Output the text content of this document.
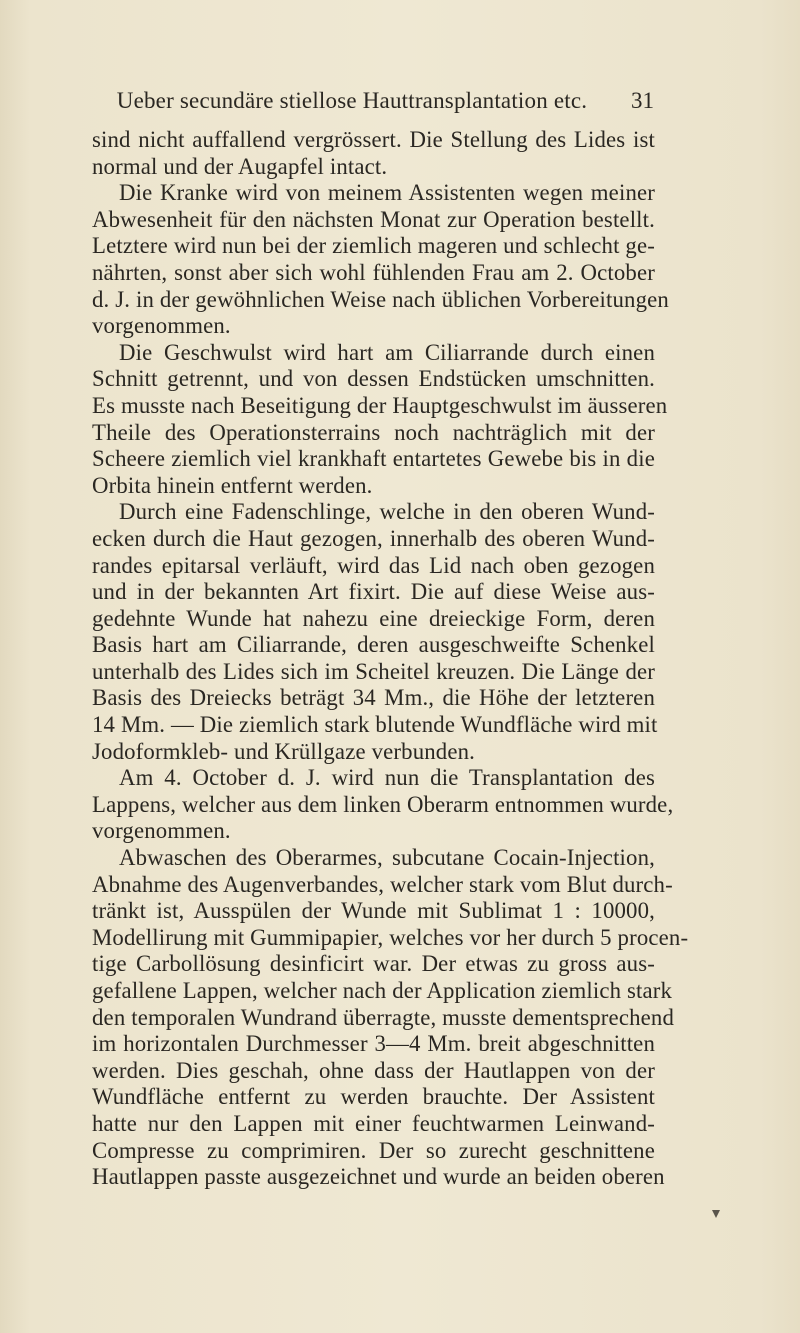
Ueber secundäre stiellose Hauttransplantation etc.	31
sind nicht auffallend vergrössert. Die Stellung des Lides ist
normal und der Augapfel intact.
Die Kranke wird von meinem Assistenten wegen meiner
Abwesenheit für den nächsten Monat zur Operation bestellt.
Letztere wird nun bei der ziemlich mageren und schlecht ge-
nährten, sonst aber sich wohl fühlenden Frau am 2. October
d. J. in der gewöhnlichen Weise nach üblichen Vorbereitungen
vorgenommen.
Die Geschwulst wird hart am Ciliarrande durch einen
Schnitt getrennt, und von dessen Endstücken umschnitten.
Es musste nach Beseitigung der Hauptgeschwulst im äusseren
Theile des Operationsterrains noch nachträglich mit der
Scheere ziemlich viel krankhaft entartetes Gewebe bis in die
Orbita hinein entfernt werden.
Durch eine Fadenschlinge, welche in den oberen Wund-
ecken durch die Haut gezogen, innerhalb des oberen Wund-
randes epitarsal verläuft, wird das Lid nach oben gezogen
und in der bekannten Art fixirt. Die auf diese Weise aus-
gedehnte Wunde hat nahezu eine dreieckige Form, deren
Basis hart am Ciliarrande, deren ausgeschweifte Schenkel
unterhalb des Lides sich im Scheitel kreuzen. Die Länge der
Basis des Dreiecks beträgt 34 Mm., die Höhe der letzteren
14 Mm. — Die ziemlich stark blutende Wundfläche wird mit
Jodoformkleb- und Krüllgaze verbunden.
Am 4. October d. J. wird nun die Transplantation des
Lappens, welcher aus dem linken Oberarm entnommen wurde,
vorgenommen.
Abwaschen des Oberarmes, subcutane Cocain-Injection,
Abnahme des Augenverbandes, welcher stark vom Blut durch-
tränkt ist, Ausspülen der Wunde mit Sublimat 1 : 10000,
Modellirung mit Gummipapier, welches vor her durch 5 procen-
tige Carbollösung desinficirt war. Der etwas zu gross aus-
gefallene Lappen, welcher nach der Application ziemlich stark
den temporalen Wundrand überragte, musste dementsprechend
im horizontalen Durchmesser 3—4 Mm. breit abgeschnitten
werden. Dies geschah, ohne dass der Hautlappen von der
Wundfläche entfernt zu werden brauchte. Der Assistent
hatte nur den Lappen mit einer feuchtwarmen Leinwand-
Compresse zu comprimiren. Der so zurecht geschnittene
Hautlappen passte ausgezeichnet und wurde an beiden oberen
